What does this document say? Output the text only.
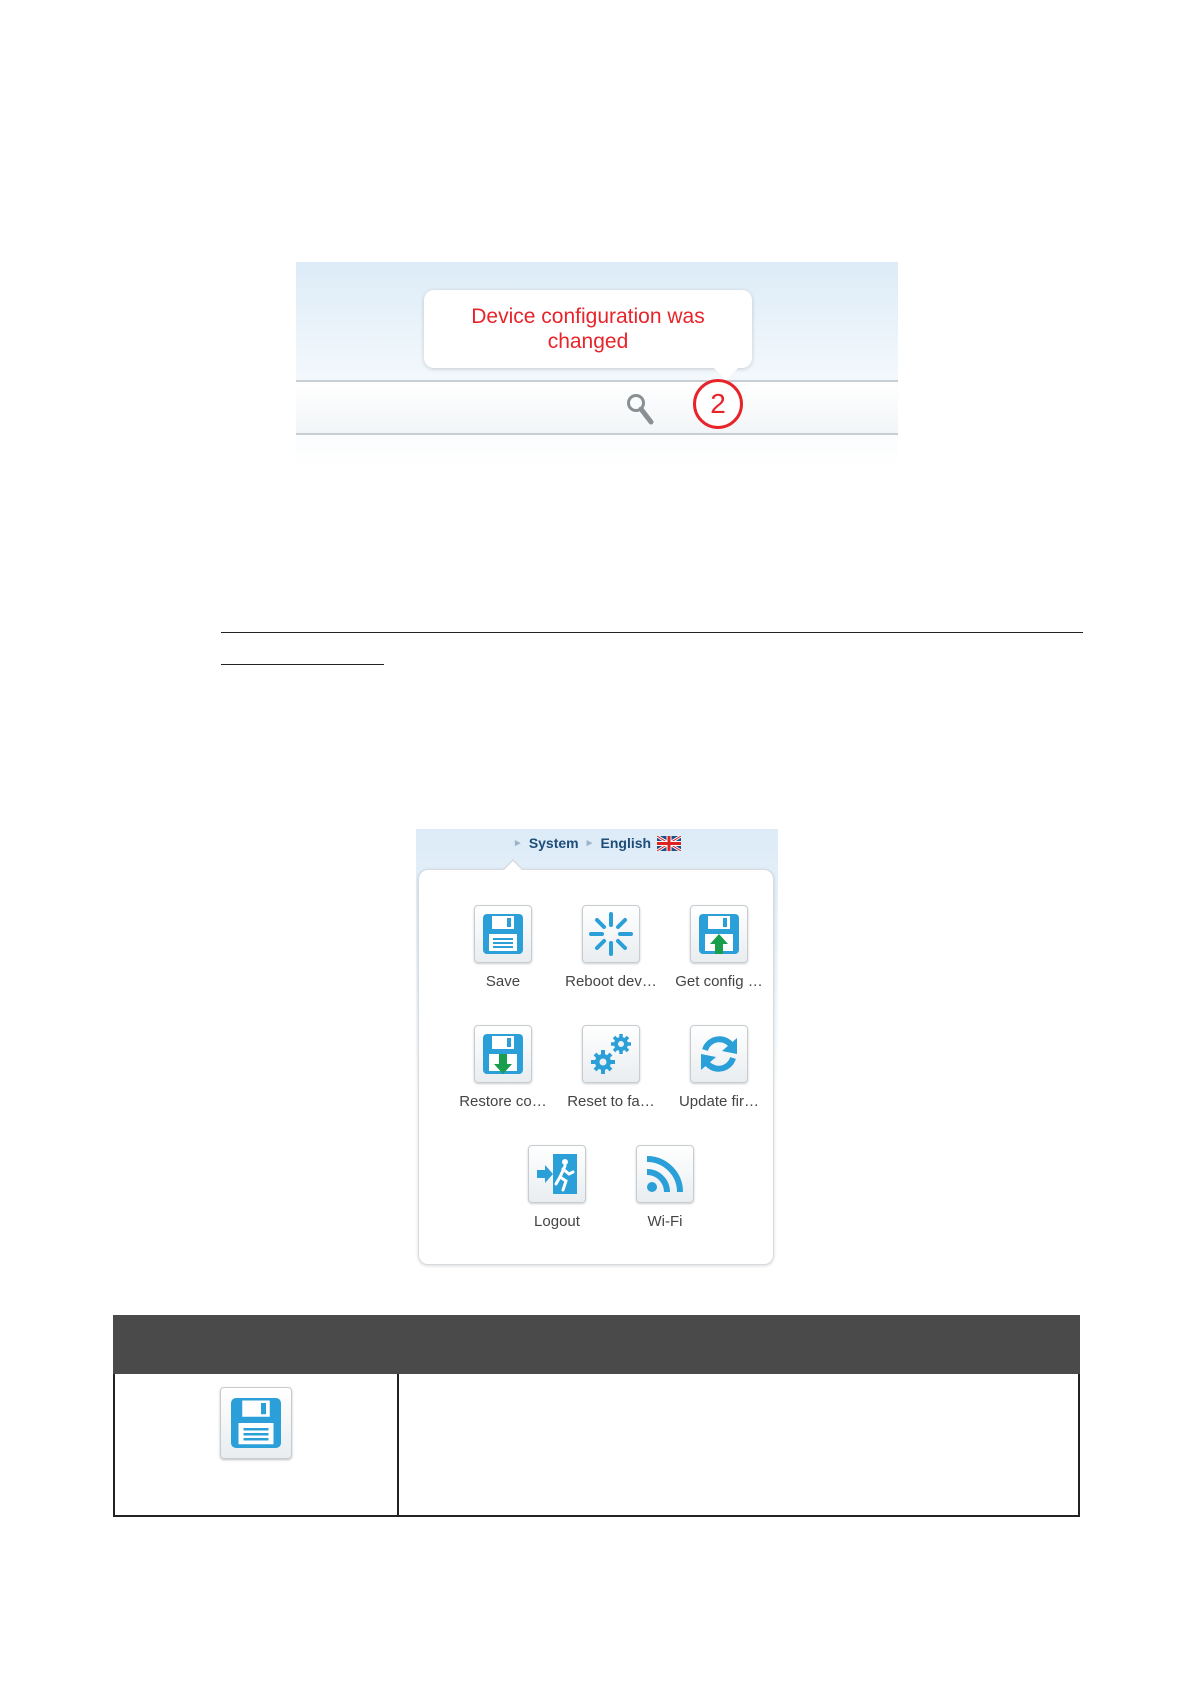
Device configuration was changed
2
► System ► English
Save	Reboot dev…	Get config …
Restore co…	Reset to fa…	Update fir…
Logout	Wi-Fi
